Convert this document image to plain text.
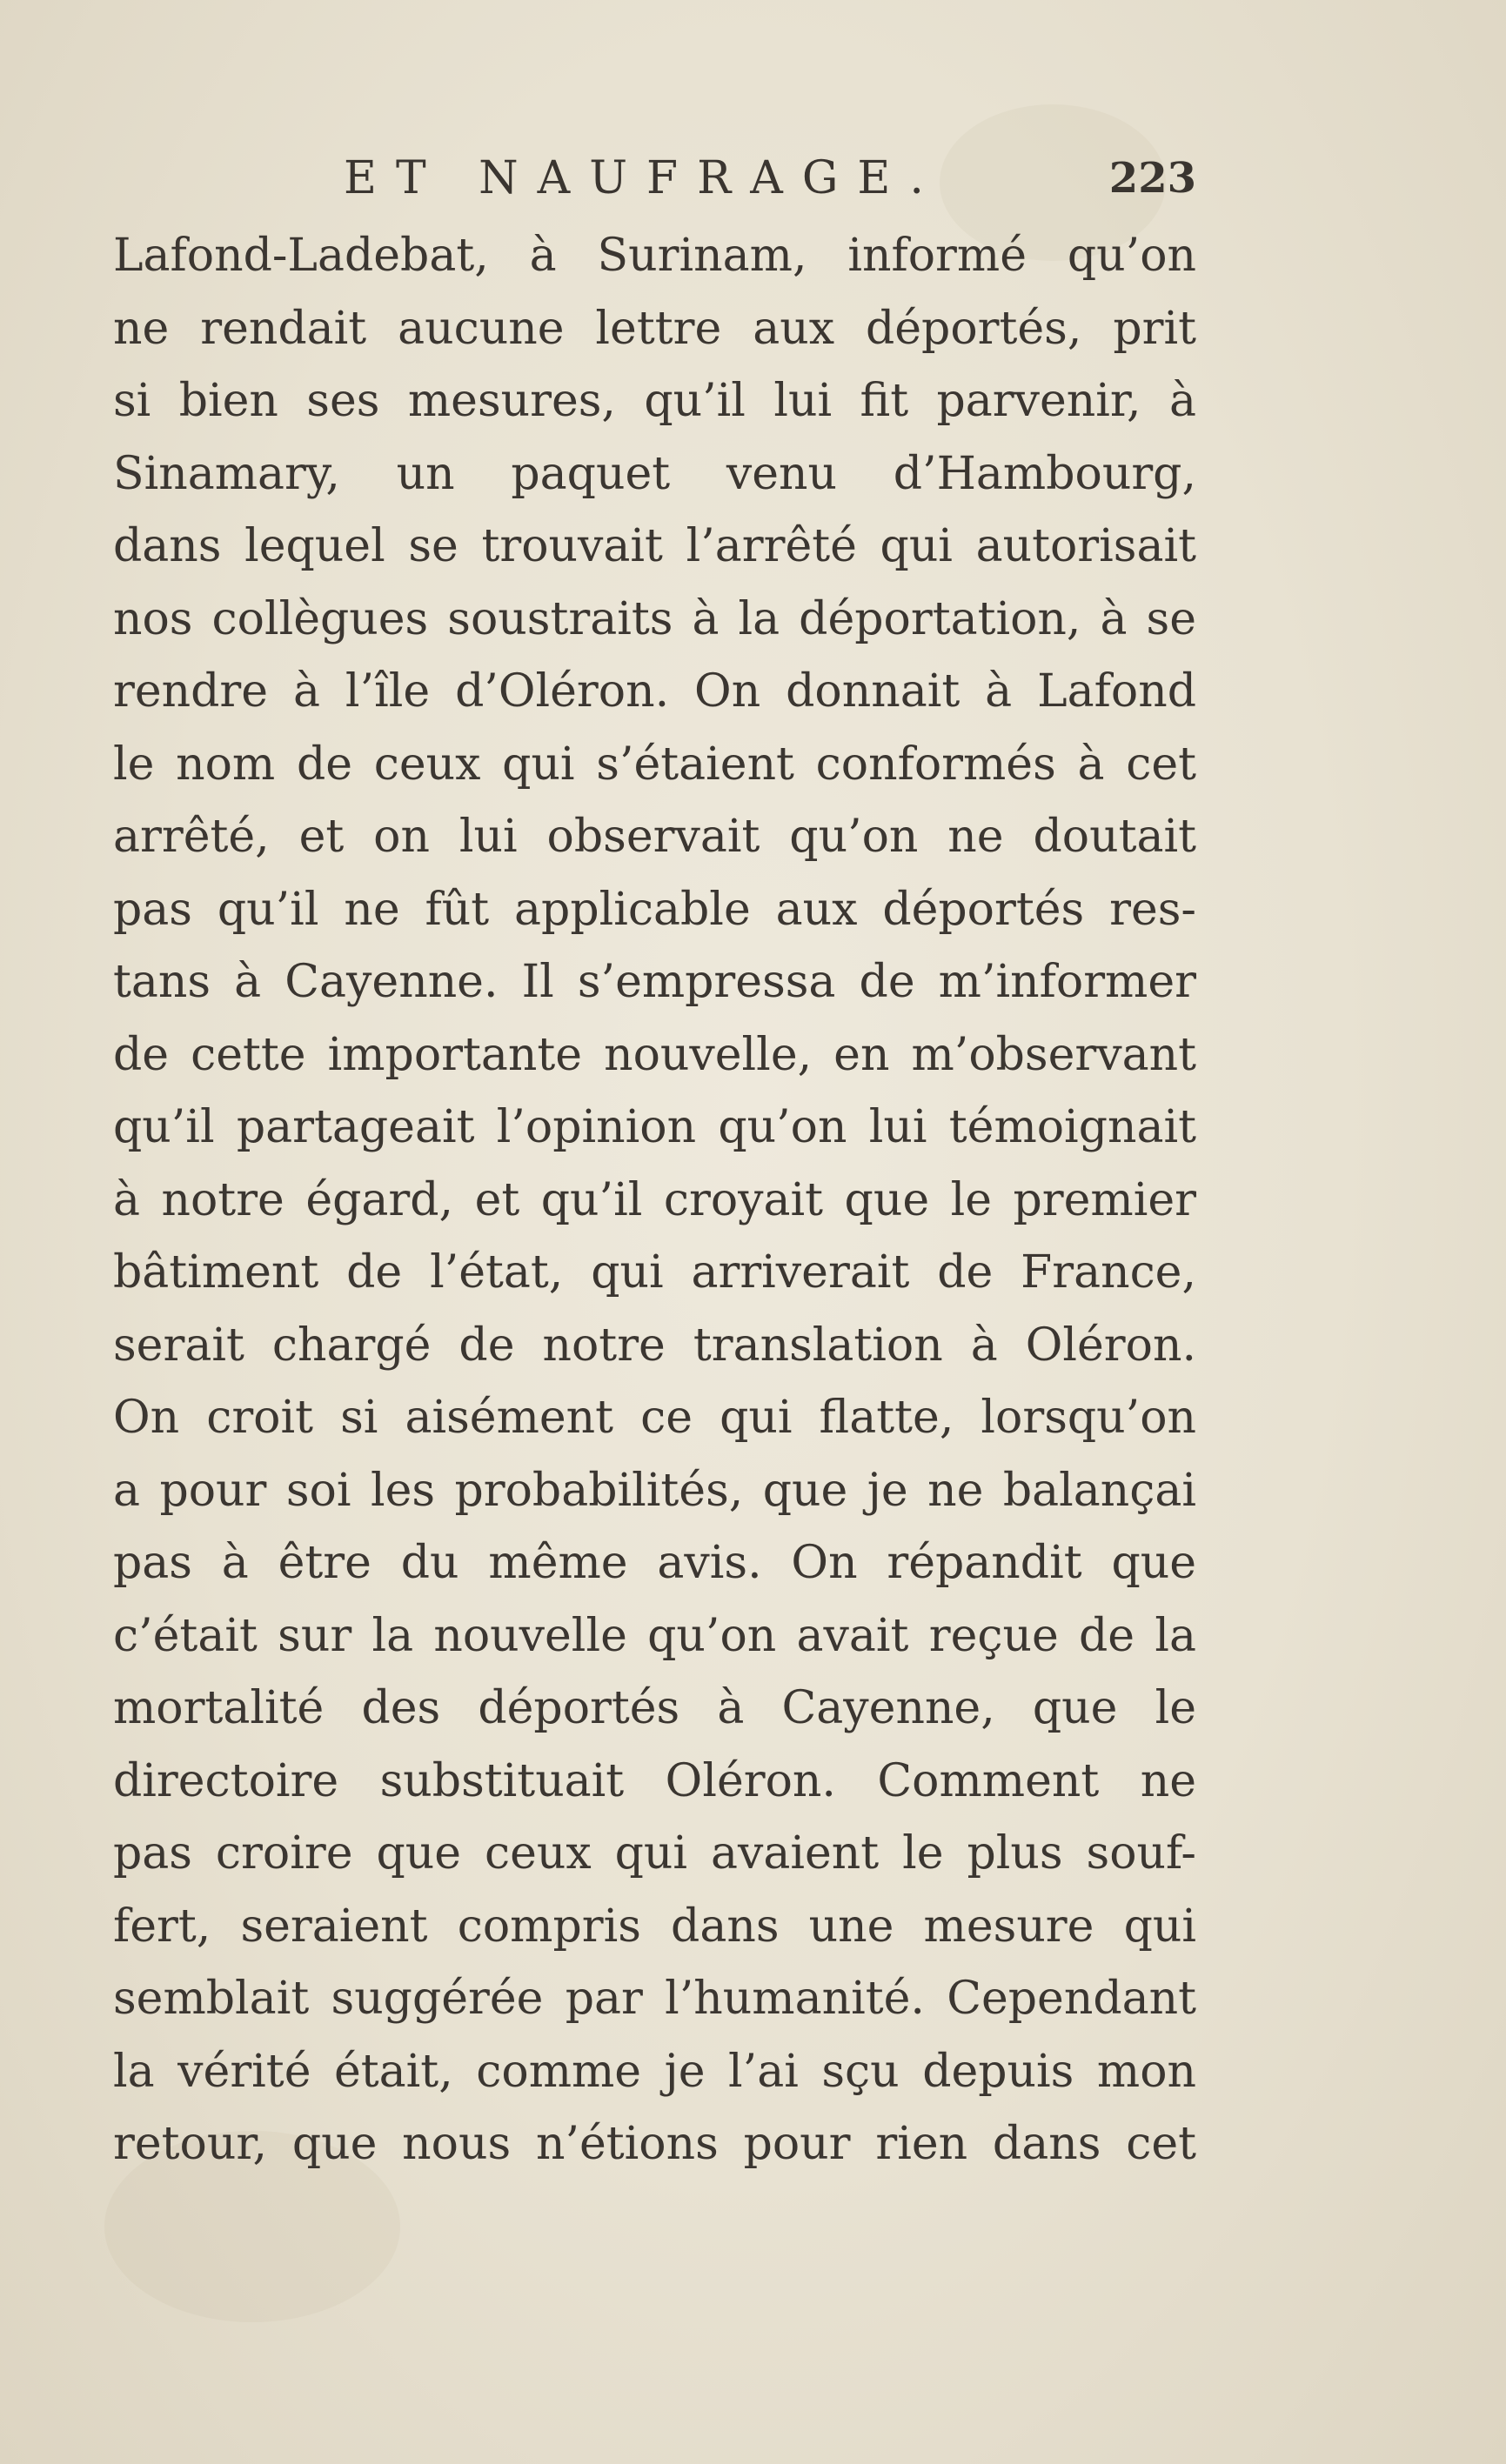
ET NAUFRAGE.	223
Lafond-Ladebat, à Surinam, informé qu’on
ne rendait aucune lettre aux déportés, prit
si bien ses mesures, qu’il lui fit parvenir, à
Sinamary, un paquet venu d’Hambourg,
dans lequel se trouvait l’arrêté qui autorisait
nos collègues soustraits à la déportation, à se
rendre à l’île d’Oléron. On donnait à Lafond
le nom de ceux qui s’étaient conformés à cet
arrêté, et on lui observait qu’on ne doutait
pas qu’il ne fût applicable aux déportés res-
tans à Cayenne. Il s’empressa de m’informer
de cette importante nouvelle, en m’observant
qu’il partageait l’opinion qu’on lui témoignait
à notre égard, et qu’il croyait que le premier
bâtiment de l’état, qui arriverait de France,
serait chargé de notre translation à Oléron.
On croit si aisément ce qui flatte, lorsqu’on
a pour soi les probabilités, que je ne balançai
pas à être du même avis. On répandit que
c’était sur la nouvelle qu’on avait reçue de la
mortalité des déportés à Cayenne, que le
directoire substituait Oléron. Comment ne
pas croire que ceux qui avaient le plus souf-
fert, seraient compris dans une mesure qui
semblait suggérée par l’humanité. Cependant
la vérité était, comme je l’ai sçu depuis mon
retour, que nous n’étions pour rien dans cet
